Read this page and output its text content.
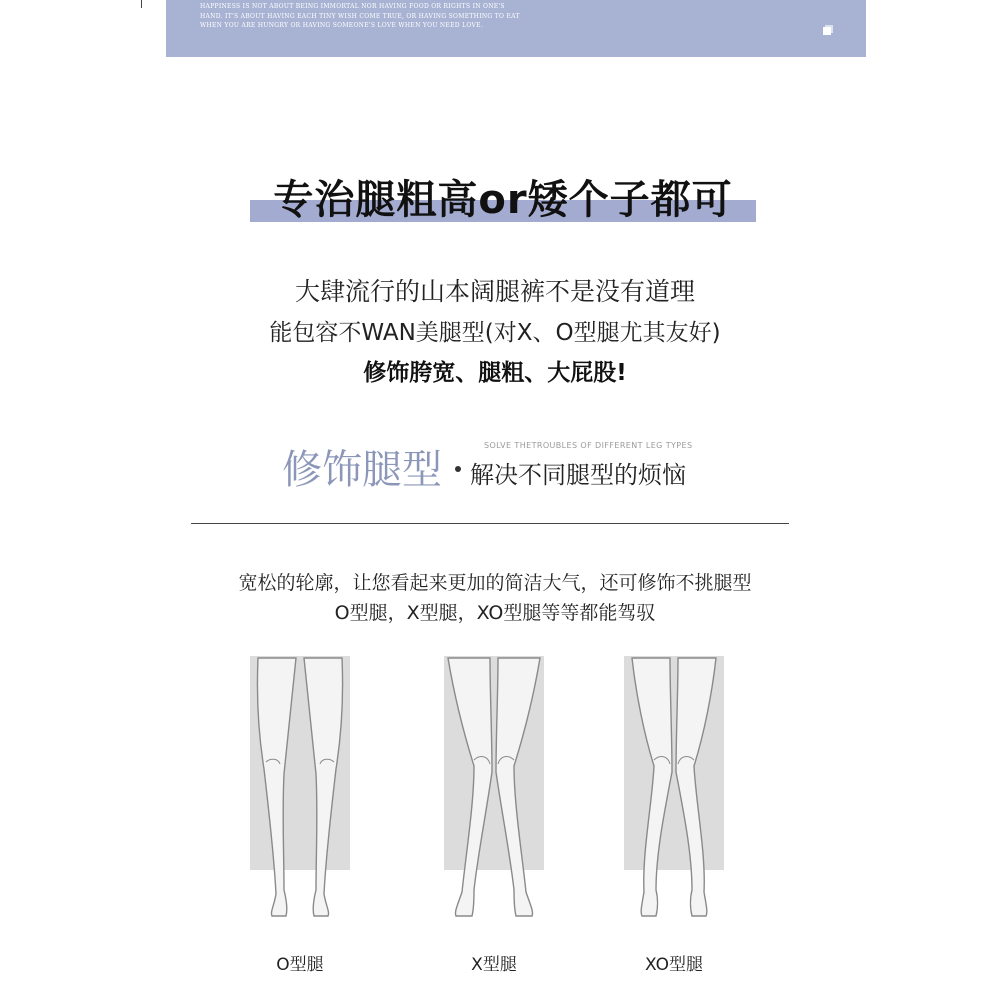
HAPPINESS IS NOT ABOUT BEING IMMORTAL NOR HAVING FOOD OR RIGHTS IN ONE'S
HAND. IT'S ABOUT HAVING EACH TINY WISH COME TRUE, OR HAVING SOMETHING TO EAT
WHEN YOU ARE HUNGRY OR HAVING SOMEONE'S LOVE WHEN YOU NEED LOVE.
专治腿粗高or矮个子都可
大肆流行的山本阔腿裤不是没有道理
能包容不WAN美腿型(对X、O型腿尤其友好)
修饰胯宽、腿粗、大屁股!
修饰腿型
SOLVE THETROUBLES OF DIFFERENT LEG TYPES
解决不同腿型的烦恼
宽松的轮廓，让您看起来更加的简洁大气，还可修饰不挑腿型
O型腿，X型腿，XO型腿等等都能驾驭
O型腿	X型腿	XO型腿
